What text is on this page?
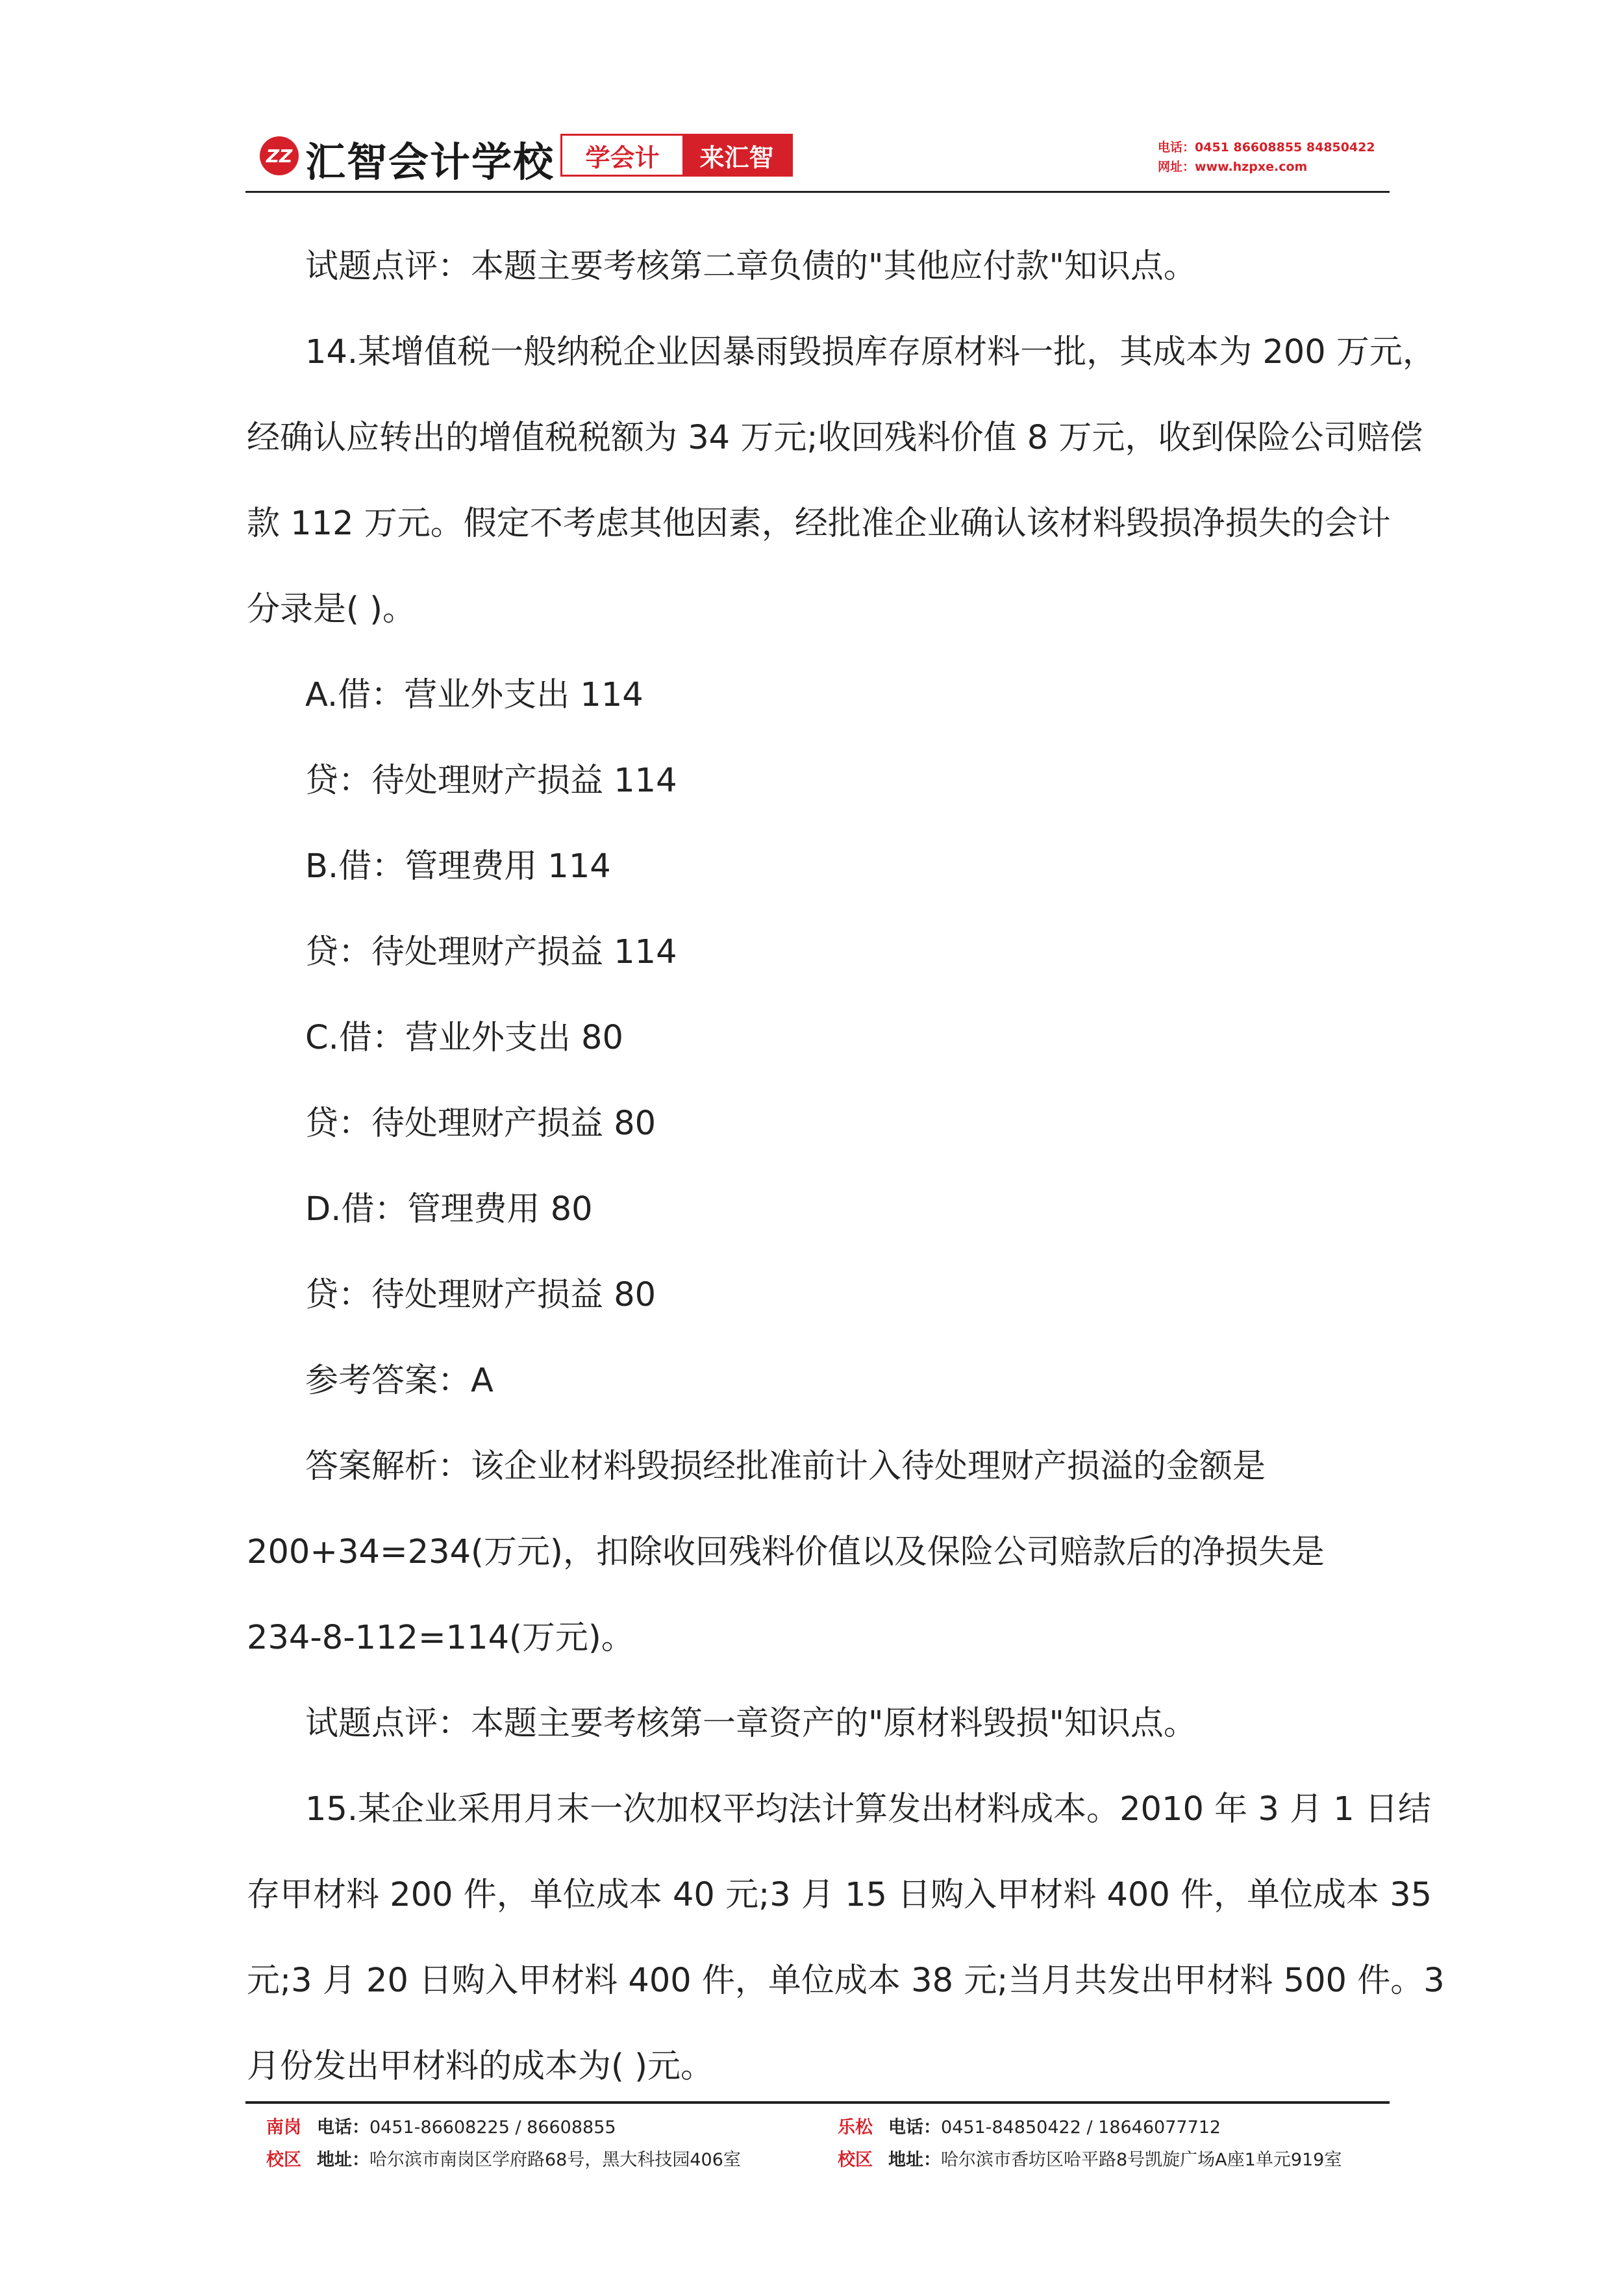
ZZ 汇智会计学校	学会计	来汇智	电话：0451 86608855 84850422
网址：www.hzpxe.com

试题点评：本题主要考核第二章负债的"其他应付款"知识点。

14.某增值税一般纳税企业因暴雨毁损库存原材料一批，其成本为 200 万元，
经确认应转出的增值税税额为 34 万元;收回残料价值 8 万元，收到保险公司赔偿
款 112 万元。假定不考虑其他因素，经批准企业确认该材料毁损净损失的会计
分录是( )。

A.借：营业外支出 114

贷：待处理财产损益 114

B.借：管理费用 114

贷：待处理财产损益 114

C.借：营业外支出 80

贷：待处理财产损益 80

D.借：管理费用 80

贷：待处理财产损益 80

参考答案：A

答案解析：该企业材料毁损经批准前计入待处理财产损溢的金额是
200+34=234(万元)，扣除收回残料价值以及保险公司赔款后的净损失是
234-8-112=114(万元)。

试题点评：本题主要考核第一章资产的"原材料毁损"知识点。

15.某企业采用月末一次加权平均法计算发出材料成本。2010 年 3 月 1 日结
存甲材料 200 件，单位成本 40 元;3 月 15 日购入甲材料 400 件，单位成本 35
元;3 月 20 日购入甲材料 400 件，单位成本 38 元;当月共发出甲材料 500 件。3
月份发出甲材料的成本为( )元。

南岗 电话：0451-86608225 / 86608855
校区 地址：哈尔滨市南岗区学府路68号，黑大科技园406室
乐松 电话：0451-84850422 / 18646077712
校区 地址：哈尔滨市香坊区哈平路8号凯旋广场A座1单元919室
